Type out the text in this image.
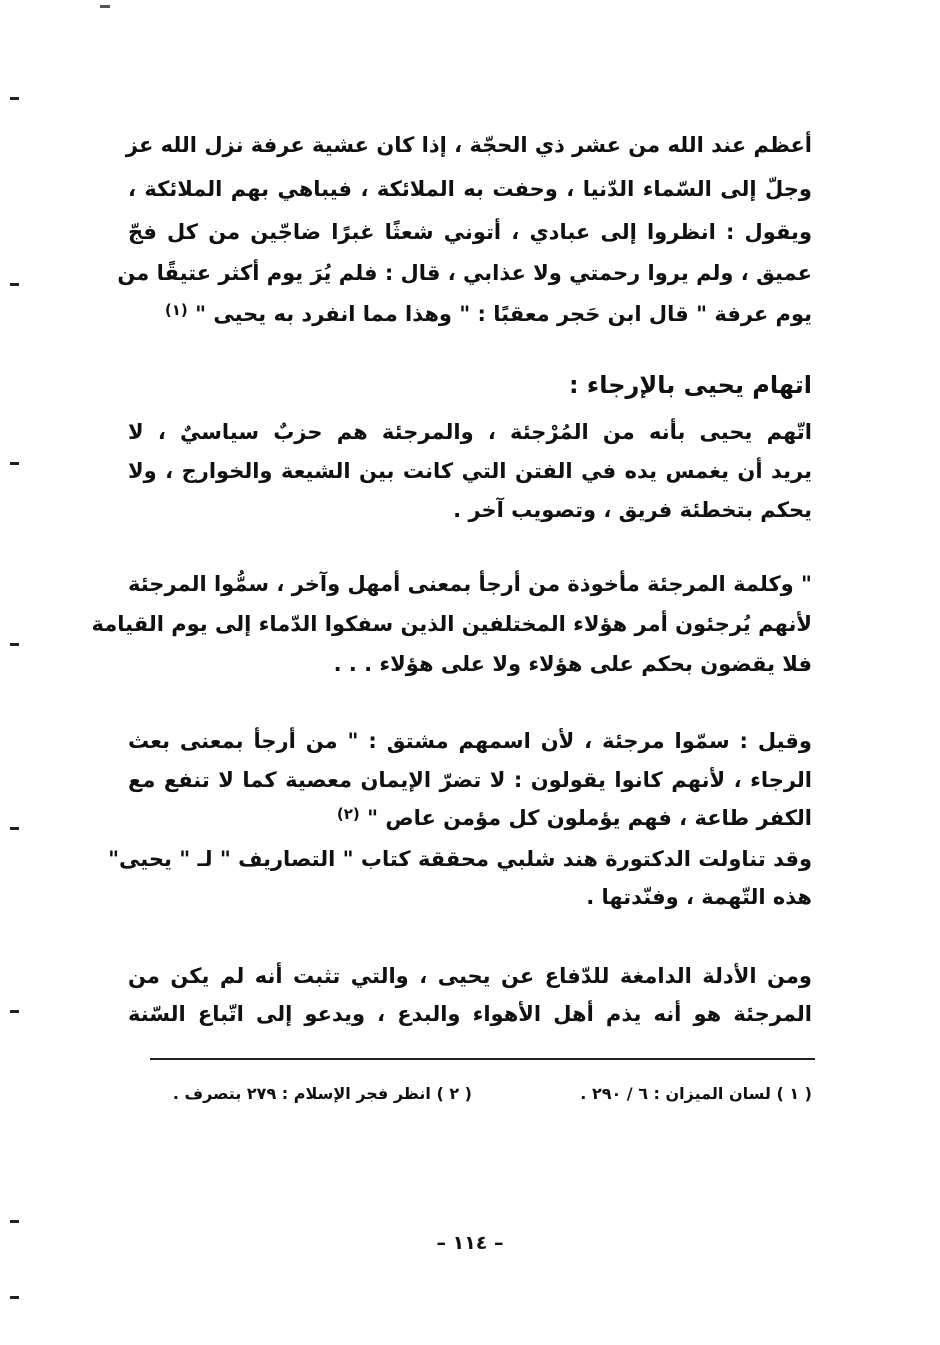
أعظم عند الله من عشر ذي الحجّة ، إذا كان عشية عرفة نزل الله عز
وجلّ إلى السّماء الدّنيا ، وحفت به الملائكة ، فيباهي بهم الملائكة ،
ويقول : انظروا إلى عبادي ، أتوني شعثًا غبرًا ضاجّين من كل فجّ
عميق ، ولم يروا رحمتي ولا عذابي ، قال : فلم يُرَ يوم أكثر عتيقًا من
يوم عرفة " قال ابن حَجر معقبًا : " وهذا مما انفرد به يحيى " $^{(١)}$
اتهام يحيى بالإرجاء :
اتّهم يحيى بأنه من المُرْجئة ، والمرجئة هم حزبٌ سياسيٌ ، لا
يريد أن يغمس يده في الفتن التي كانت بين الشيعة والخوارج ، ولا
يحكم بتخطئة فريق ، وتصويب آخر .
" وكلمة المرجئة مأخوذة من أرجأ بمعنى أمهل وآخر ، سمُّوا المرجئة
لأنهم يُرجئون أمر هؤلاء المختلفين الذين سفكوا الدّماء إلى يوم القيامة
فلا يقضون بحكم على هؤلاء ولا على هؤلاء . . .
وقيل : سمّوا مرجئة ، لأن اسمهم مشتق : " من أرجأ بمعنى بعث
الرجاء ، لأنهم كانوا يقولون : لا تضرّ الإيمان معصية كما لا تنفع مع
الكفر طاعة ، فهم يؤملون كل مؤمن عاص " $^{(٢)}$
وقد تناولت الدكتورة هند شلبي محققة كتاب " التصاريف " لـ " يحيى"
هذه التّهمة ، وفنّدتها .
ومن الأدلة الدامغة للدّفاع عن يحيى ، والتي تثبت أنه لم يكن من
المرجئة هو أنه يذم أهل الأهواء والبدع ، ويدعو إلى اتّباع السّنة
( ١ ) لسان الميزان : ٦ / ٢٩٠ .
( ٢ ) انظر فجر الإسلام : ٢٧٩ بتصرف .
– ١١٤ –
